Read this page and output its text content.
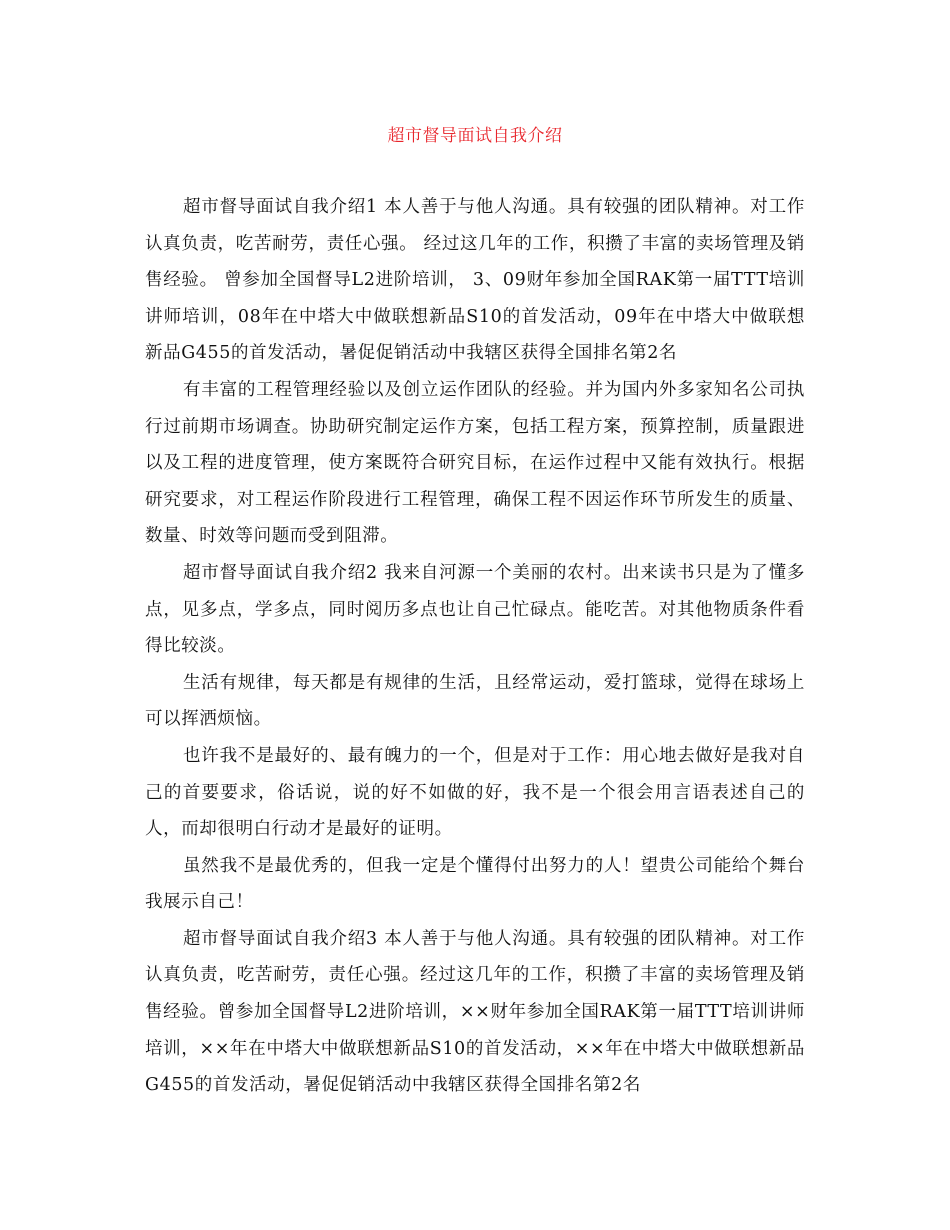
超市督导面试自我介绍

超市督导面试自我介绍1 本人善于与他人沟通。具有较强的团队精神。对工作认真负责，吃苦耐劳，责任心强。 经过这几年的工作，积攒了丰富的卖场管理及销售经验。 曾参加全国督导L2进阶培训， 3、09财年参加全国RAK第一届TTT培训讲师培训，08年在中塔大中做联想新品S10的首发活动，09年在中塔大中做联想新品G455的首发活动，暑促促销活动中我辖区获得全国排名第2名

有丰富的工程管理经验以及创立运作团队的经验。并为国内外多家知名公司执行过前期市场调查。协助研究制定运作方案，包括工程方案，预算控制，质量跟进以及工程的进度管理，使方案既符合研究目标，在运作过程中又能有效执行。根据研究要求，对工程运作阶段进行工程管理，确保工程不因运作环节所发生的质量、数量、时效等问题而受到阻滞。

超市督导面试自我介绍2 我来自河源一个美丽的农村。出来读书只是为了懂多点，见多点，学多点，同时阅历多点也让自己忙碌点。能吃苦。对其他物质条件看得比较淡。

生活有规律，每天都是有规律的生活，且经常运动，爱打篮球，觉得在球场上可以挥洒烦恼。

也许我不是最好的、最有魄力的一个，但是对于工作：用心地去做好是我对自己的首要要求，俗话说，说的好不如做的好，我不是一个很会用言语表述自己的人，而却很明白行动才是最好的证明。

虽然我不是最优秀的，但我一定是个懂得付出努力的人！望贵公司能给个舞台我展示自己！

超市督导面试自我介绍3 本人善于与他人沟通。具有较强的团队精神。对工作认真负责，吃苦耐劳，责任心强。经过这几年的工作，积攒了丰富的卖场管理及销售经验。曾参加全国督导L2进阶培训，××财年参加全国RAK第一届TTT培训讲师培训，××年在中塔大中做联想新品S10的首发活动，××年在中塔大中做联想新品G455的首发活动，暑促促销活动中我辖区获得全国排名第2名
